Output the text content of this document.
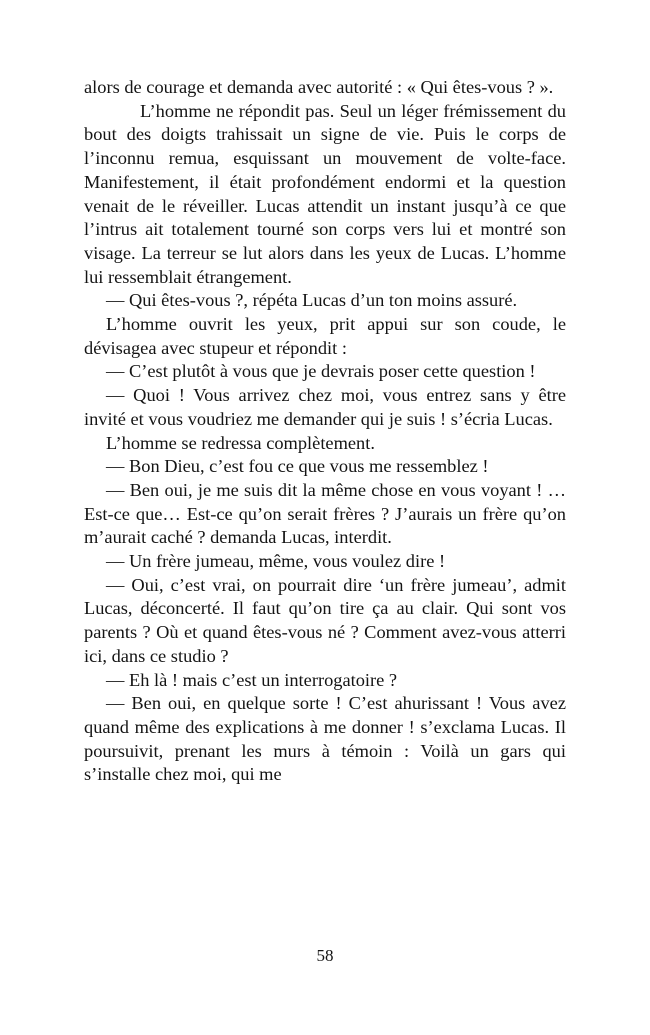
alors de courage et demanda avec autorité : « Qui êtes-vous ? ».

L’homme ne répondit pas. Seul un léger frémissement du bout des doigts trahissait un signe de vie. Puis le corps de l’inconnu remua, esquissant un mouvement de volte-face. Manifestement, il était profondément endormi et la question venait de le réveiller. Lucas attendit un instant jusqu’à ce que l’intrus ait totalement tourné son corps vers lui et montré son visage. La terreur se lut alors dans les yeux de Lucas. L’homme lui ressemblait étrangement.

— Qui êtes-vous ?, répéta Lucas d’un ton moins assuré.

L’homme ouvrit les yeux, prit appui sur son coude, le dévisagea avec stupeur et répondit :

— C’est plutôt à vous que je devrais poser cette question !

— Quoi ! Vous arrivez chez moi, vous entrez sans y être invité et vous voudriez me demander qui je suis ! s’écria Lucas.

L’homme se redressa complètement.

— Bon Dieu, c’est fou ce que vous me ressemblez !

— Ben oui, je me suis dit la même chose en vous voyant ! … Est-ce que… Est-ce qu’on serait frères ? J’aurais un frère qu’on m’aurait caché ? demanda Lucas, interdit.

— Un frère jumeau, même, vous voulez dire !

— Oui, c’est vrai, on pourrait dire ‘un frère jumeau’, admit Lucas, déconcerté. Il faut qu’on tire ça au clair. Qui sont vos parents ? Où et quand êtes-vous né ? Comment avez-vous atterri ici, dans ce studio ?

— Eh là ! mais c’est un interrogatoire ?

— Ben oui, en quelque sorte ! C’est ahurissant ! Vous avez quand même des explications à me donner ! s’exclama Lucas. Il poursuivit, prenant les murs à témoin : Voilà un gars qui s’installe chez moi, qui me

58
